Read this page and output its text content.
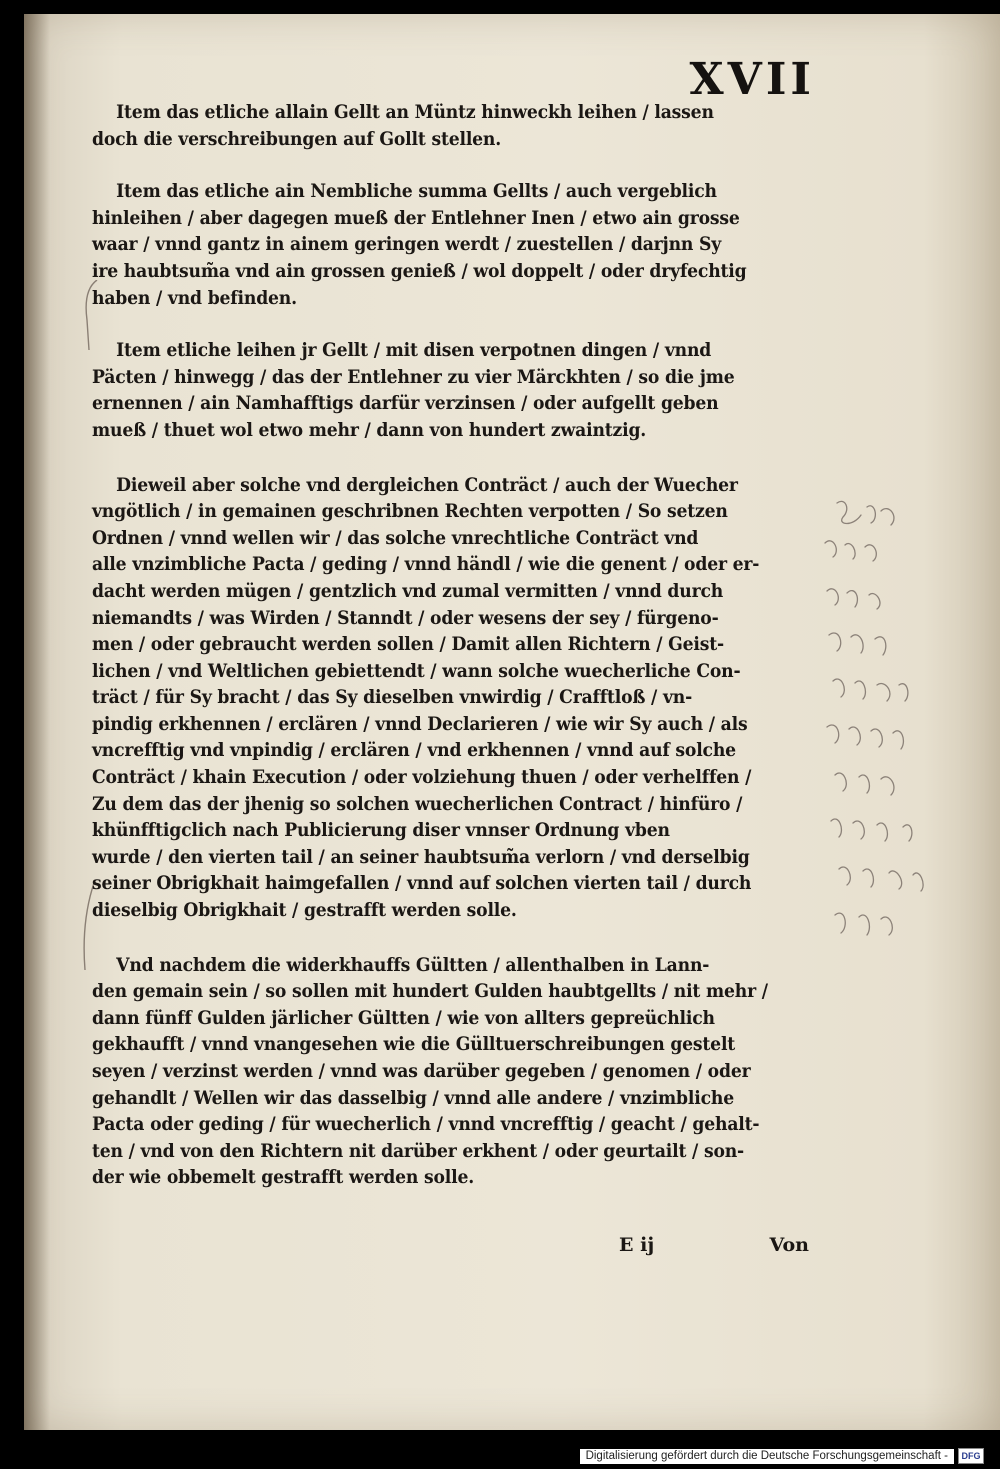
XVII
Item das etliche allain Gellt an Müntz hinweckh leihen / lassen
doch die verschreibungen auf Gollt stellen.
Item das etliche ain Nembliche summa Gellts / auch vergeblich
hinleihen / aber dagegen mueß der Entlehner Inen / etwo ain grosse
waar / vnnd gantz in ainem geringen werdt / zuestellen / darjnn Sy
ire haubtsum̃a vnd ain grossen genieß / wol doppelt / oder dryfechtig
haben / vnd befinden.
Item etliche leihen jr Gellt / mit disen verpotnen dingen / vnnd
Päcten / hinwegg / das der Entlehner zu vier Märckhten / so die jme
ernennen / ain Namhafftigs darfür verzinsen / oder aufgellt geben
mueß / thuet wol etwo mehr / dann von hundert zwaintzig.
Dieweil aber solche vnd dergleichen Conträct / auch der Wuecher
vngötlich / in gemainen geschribnen Rechten verpotten / So setzen
Ordnen / vnnd wellen wir / das solche vnrechtliche Conträct vnd
alle vnzimbliche Pacta / geding / vnnd händl / wie die genent / oder er-
dacht werden mügen / gentzlich vnd zumal vermitten / vnnd durch
niemandts / was Wirden / Stanndt / oder wesens der sey / fürgeno-
men / oder gebraucht werden sollen / Damit allen Richtern / Geist-
lichen / vnd Weltlichen gebiettendt / wann solche wuecherliche Con-
träct / für Sy bracht / das Sy dieselben vnwirdig / Crafftloß / vn-
pindig erkhennen / erclären / vnnd Declarieren / wie wir Sy auch / als
vncrefftig vnd vnpindig / erclären / vnd erkhennen / vnnd auf solche
Conträct / khain Execution / oder volziehung thuen / oder verhelffen /
Zu dem das der jhenig so solchen wuecherlichen Contract / hinfüro /
khünfftigclich nach Publicierung diser vnnser Ordnung vben
wurde / den vierten tail / an seiner haubtsum̃a verlorn / vnd derselbig
seiner Obrigkhait haimgefallen / vnnd auf solchen vierten tail / durch
dieselbig Obrigkhait / gestrafft werden solle.
Vnd nachdem die widerkhauffs Gültten / allenthalben in Lann-
den gemain sein / so sollen mit hundert Gulden haubtgellts / nit mehr /
dann fünff Gulden järlicher Gültten / wie von allters gepreüchlich
gekhaufft / vnnd vnangesehen wie die Gülltuerschreibungen gestelt
seyen / verzinst werden / vnnd was darüber gegeben / genomen / oder
gehandlt / Wellen wir das dasselbig / vnnd alle andere / vnzimbliche
Pacta oder geding / für wuecherlich / vnnd vncrefftig / geacht / gehalt-
ten / vnd von den Richtern nit darüber erkhent / oder geurtailt / son-
der wie obbemelt gestrafft werden solle.
E ij	Von
Digitalisierung gefördert durch die Deutsche Forschungsgemeinschaft -	DFG
